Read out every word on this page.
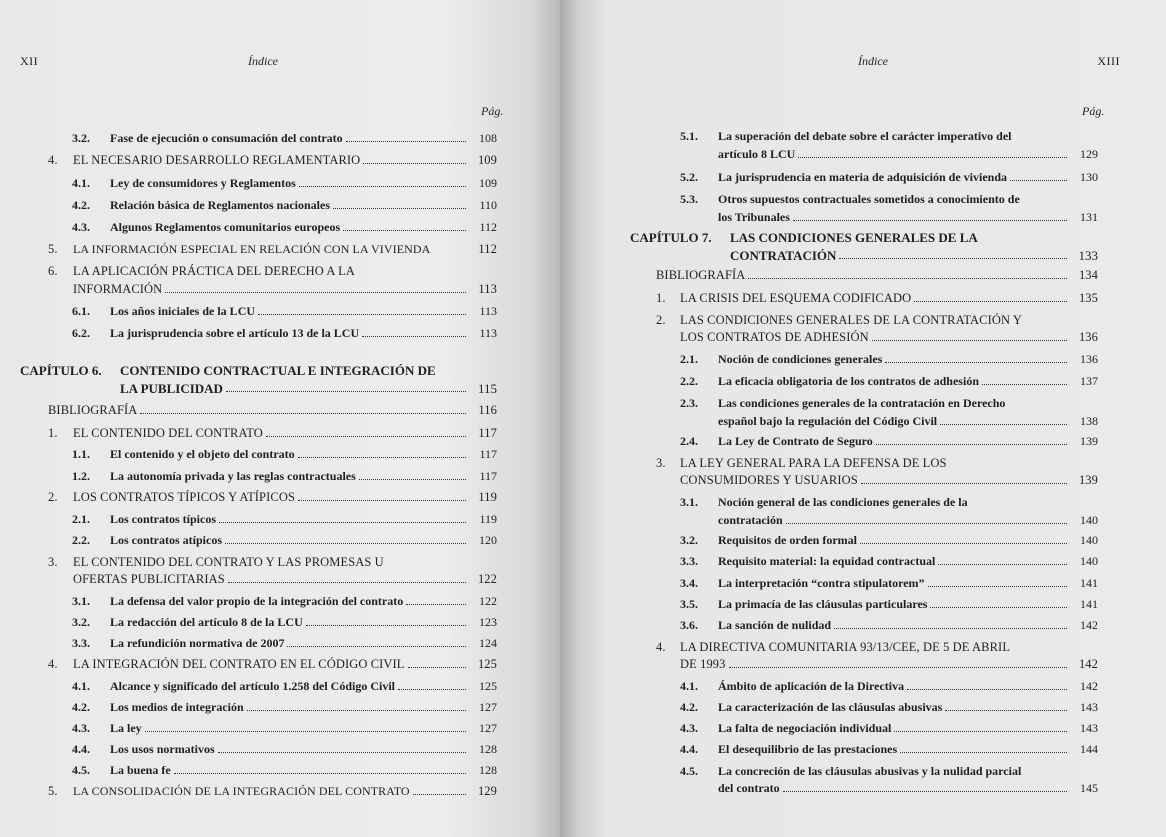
XII	Índice
Pág.
3.2.	Fase de ejecución o consumación del contrato	108
4.	EL NECESARIO DESARROLLO REGLAMENTARIO	109
4.1.	Ley de consumidores y Reglamentos	109
4.2.	Relación básica de Reglamentos nacionales	110
4.3.	Algunos Reglamentos comunitarios europeos	112
5.	LA INFORMACIÓN ESPECIAL EN RELACIÓN CON LA VIVIENDA	112
6.	LA APLICACIÓN PRÁCTICA DEL DERECHO A LA
INFORMACIÓN	113
6.1.	Los años iniciales de la LCU	113
6.2.	La jurisprudencia sobre el artículo 13 de la LCU	113
CAPÍTULO 6.	CONTENIDO CONTRACTUAL E INTEGRACIÓN DE
LA PUBLICIDAD	115
BIBLIOGRAFÍA	116
1.	EL CONTENIDO DEL CONTRATO	117
1.1.	El contenido y el objeto del contrato	117
1.2.	La autonomía privada y las reglas contractuales	117
2.	LOS CONTRATOS TÍPICOS Y ATÍPICOS	119
2.1.	Los contratos típicos	119
2.2.	Los contratos atípicos	120
3.	EL CONTENIDO DEL CONTRATO Y LAS PROMESAS U
OFERTAS PUBLICITARIAS	122
3.1.	La defensa del valor propio de la integración del contrato	122
3.2.	La redacción del artículo 8 de la LCU	123
3.3.	La refundición normativa de 2007	124
4.	LA INTEGRACIÓN DEL CONTRATO EN EL CÓDIGO CIVIL	125
4.1.	Alcance y significado del artículo 1.258 del Código Civil	125
4.2.	Los medios de integración	127
4.3.	La ley	127
4.4.	Los usos normativos	128
4.5.	La buena fe	128
5.	LA CONSOLIDACIÓN DE LA INTEGRACIÓN DEL CONTRATO	129
Índice	XIII
Pág.
5.1.	La superación del debate sobre el carácter imperativo del
artículo 8 LCU	129
5.2.	La jurisprudencia en materia de adquisición de vivienda	130
5.3.	Otros supuestos contractuales sometidos a conocimiento de
los Tribunales	131
CAPÍTULO 7.	LAS CONDICIONES GENERALES DE LA
CONTRATACIÓN	133
BIBLIOGRAFÍA	134
1.	LA CRISIS DEL ESQUEMA CODIFICADO	135
2.	LAS CONDICIONES GENERALES DE LA CONTRATACIÓN Y
LOS CONTRATOS DE ADHESIÓN	136
2.1.	Noción de condiciones generales	136
2.2.	La eficacia obligatoria de los contratos de adhesión	137
2.3.	Las condiciones generales de la contratación en Derecho
español bajo la regulación del Código Civil	138
2.4.	La Ley de Contrato de Seguro	139
3.	LA LEY GENERAL PARA LA DEFENSA DE LOS
CONSUMIDORES Y USUARIOS	139
3.1.	Noción general de las condiciones generales de la
contratación	140
3.2.	Requisitos de orden formal	140
3.3.	Requisito material: la equidad contractual	140
3.4.	La interpretación “contra stipulatorem”	141
3.5.	La primacía de las cláusulas particulares	141
3.6.	La sanción de nulidad	142
4.	LA DIRECTIVA COMUNITARIA 93/13/CEE, DE 5 DE ABRIL
DE 1993	142
4.1.	Ámbito de aplicación de la Directiva	142
4.2.	La caracterización de las cláusulas abusivas	143
4.3.	La falta de negociación individual	143
4.4.	El desequilibrio de las prestaciones	144
4.5.	La concreción de las cláusulas abusivas y la nulidad parcial
del contrato	145
